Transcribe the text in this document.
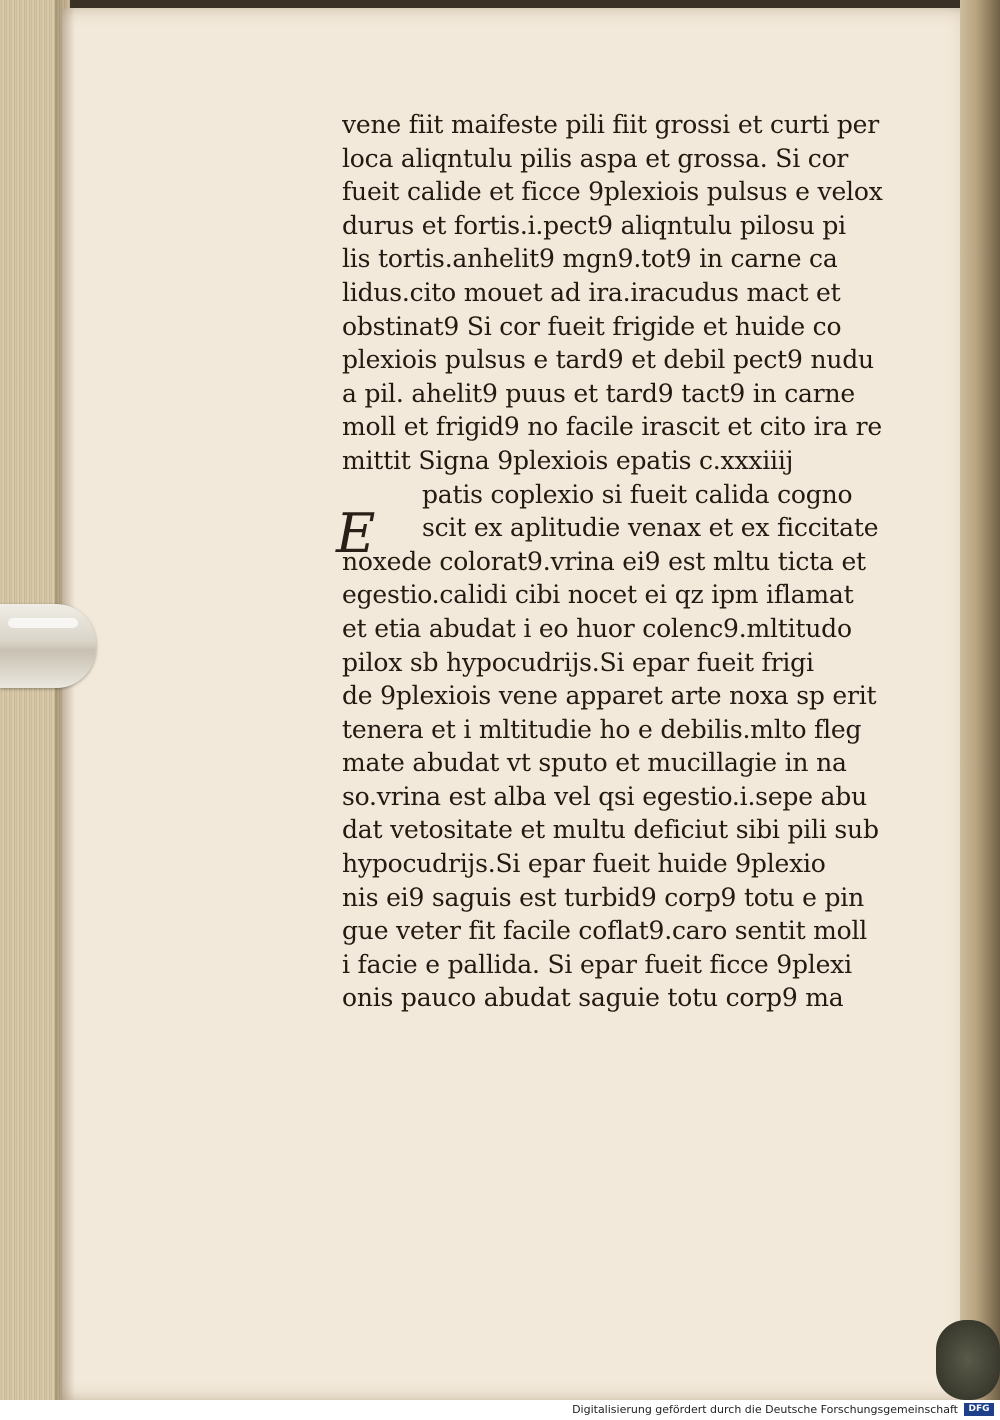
vene fiit maifeste pili fiit grossi et curti per
loca aliqntulu pilis aspa et grossa. Si cor
fueit calide et ficce 9plexiois pulsus e velox
durus et fortis.i.pect9 aliqntulu pilosu pi
lis tortis.anhelit9 mgn9.tot9 in carne ca
lidus.cito mouet ad ira.iracudus mact et
obstinat9 Si cor fueit frigide et huide co
plexiois pulsus e tard9 et debil pect9 nudu
a pil. ahelit9 puus et tard9 tact9 in carne
moll et frigid9 no facile irascit et cito ira re
mittit Signa 9plexiois epatis c.xxxiiij
E
patis coplexio si fueit calida cogno
scit ex aplitudie venax et ex ficcitate
noxede colorat9.vrina ei9 est mltu ticta et
egestio.calidi cibi nocet ei qz ipm iflamat
et etia abudat i eo huor colenc9.mltitudo
pilox sb hypocudrijs.Si epar fueit frigi
de 9plexiois vene apparet arte noxa sp erit
tenera et i mltitudie ho e debilis.mlto fleg
mate abudat vt sputo et mucillagie in na
so.vrina est alba vel qsi egestio.i.sepe abu
dat vetositate et multu deficiut sibi pili sub
hypocudrijs.Si epar fueit huide 9plexio
nis ei9 saguis est turbid9 corp9 totu e pin
gue veter fit facile coflat9.caro sentit moll
i facie e pallida. Si epar fueit ficce 9plexi
onis pauco abudat saguie totu corp9 ma
Digitalisierung gefördert durch die Deutsche Forschungsgemeinschaft	DFG
